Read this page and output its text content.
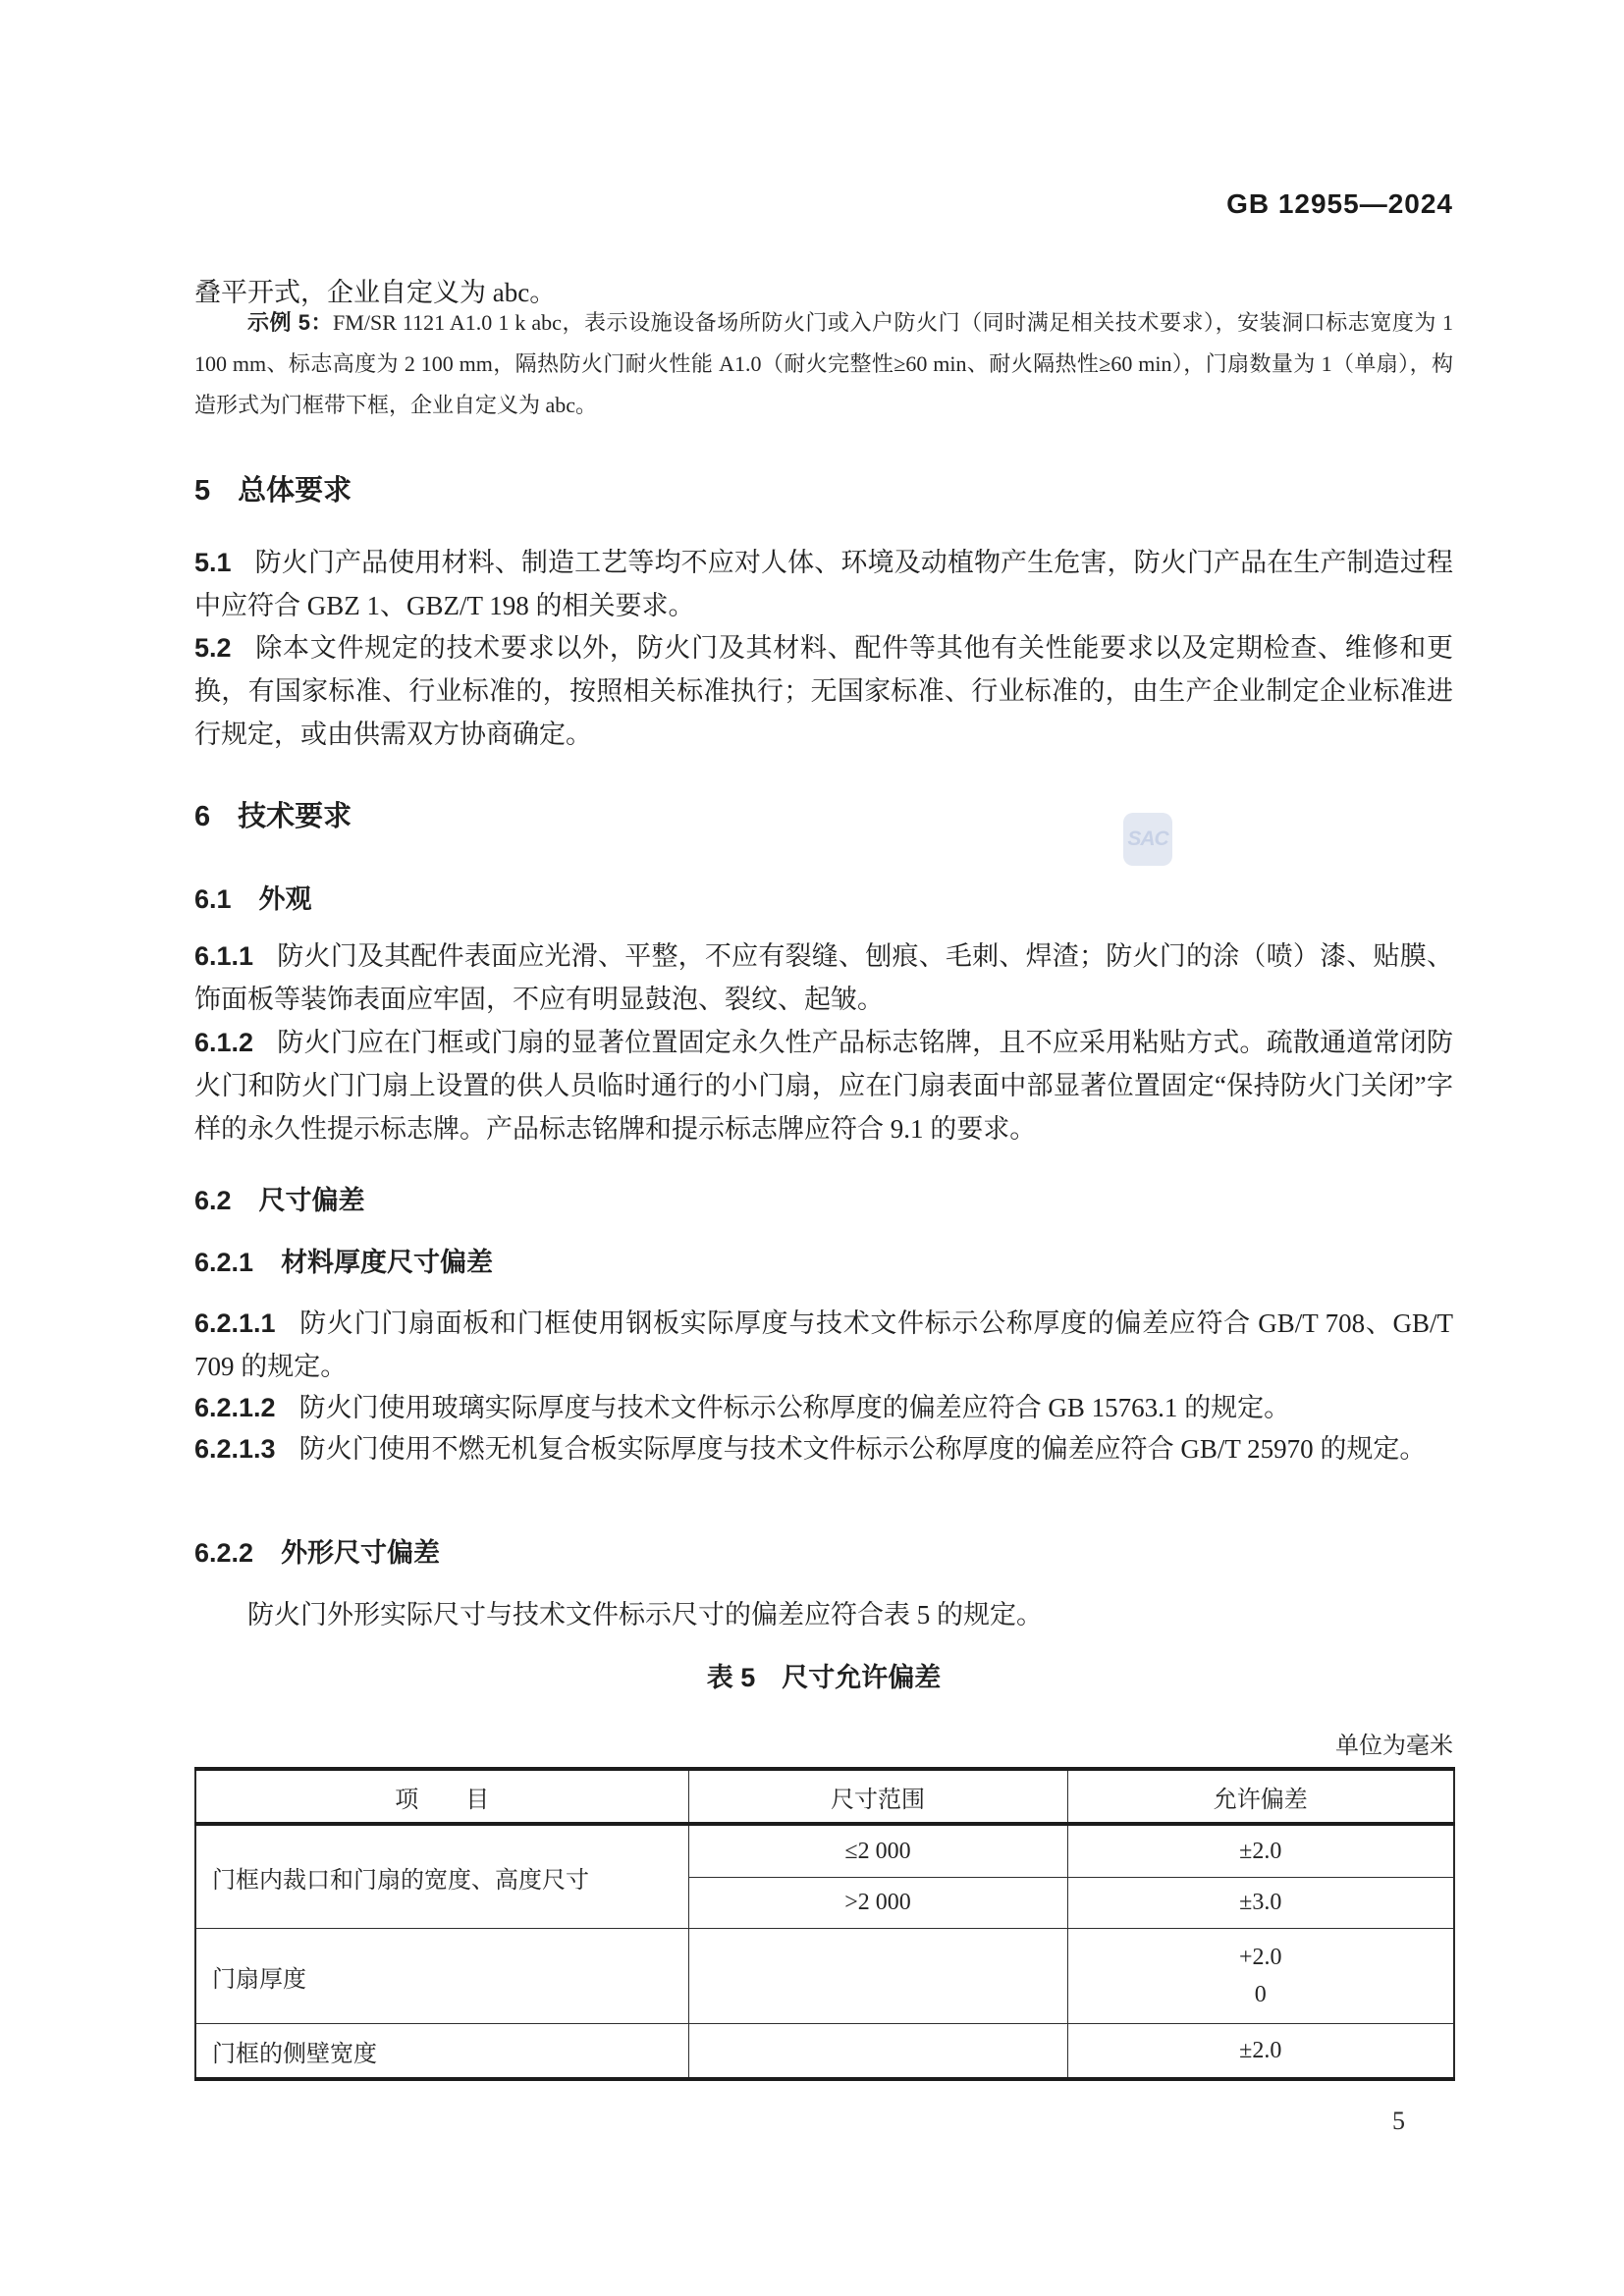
GB 12955—2024

叠平开式，企业自定义为 abc。

示例 5：FM/SR 1121 A1.0 1 k abc，表示设施设备场所防火门或入户防火门（同时满足相关技术要求），安装洞口标志宽度为 1 100 mm、标志高度为 2 100 mm，隔热防火门耐火性能 A1.0（耐火完整性≥60 min、耐火隔热性≥60 min），门扇数量为 1（单扇），构造形式为门框带下框，企业自定义为 abc。

5 总体要求

5.1 防火门产品使用材料、制造工艺等均不应对人体、环境及动植物产生危害，防火门产品在生产制造过程中应符合 GBZ 1、GBZ/T 198 的相关要求。

5.2 除本文件规定的技术要求以外，防火门及其材料、配件等其他有关性能要求以及定期检查、维修和更换，有国家标准、行业标准的，按照相关标准执行；无国家标准、行业标准的，由生产企业制定企业标准进行规定，或由供需双方协商确定。

6 技术要求
SAC
6.1 外观

6.1.1 防火门及其配件表面应光滑、平整，不应有裂缝、刨痕、毛刺、焊渣；防火门的涂（喷）漆、贴膜、饰面板等装饰表面应牢固，不应有明显鼓泡、裂纹、起皱。

6.1.2 防火门应在门框或门扇的显著位置固定永久性产品标志铭牌，且不应采用粘贴方式。疏散通道常闭防火门和防火门门扇上设置的供人员临时通行的小门扇，应在门扇表面中部显著位置固定“保持防火门关闭”字样的永久性提示标志牌。产品标志铭牌和提示标志牌应符合 9.1 的要求。

6.2 尺寸偏差
6.2.1 材料厚度尺寸偏差

6.2.1.1 防火门门扇面板和门框使用钢板实际厚度与技术文件标示公称厚度的偏差应符合 GB/T 708、GB/T 709 的规定。

6.2.1.2 防火门使用玻璃实际厚度与技术文件标示公称厚度的偏差应符合 GB 15763.1 的规定。

6.2.1.3 防火门使用不燃无机复合板实际厚度与技术文件标示公称厚度的偏差应符合 GB/T 25970 的规定。

6.2.2 外形尺寸偏差

防火门外形实际尺寸与技术文件标示尺寸的偏差应符合表 5 的规定。

表 5　尺寸允许偏差

单位为毫米

项　　目	尺寸范围	允许偏差
门框内裁口和门扇的宽度、高度尺寸	≤2 000	±2.0
	>2 000	±3.0
门扇厚度		+2.0
0

门框的侧壁宽度		±2.0
5
